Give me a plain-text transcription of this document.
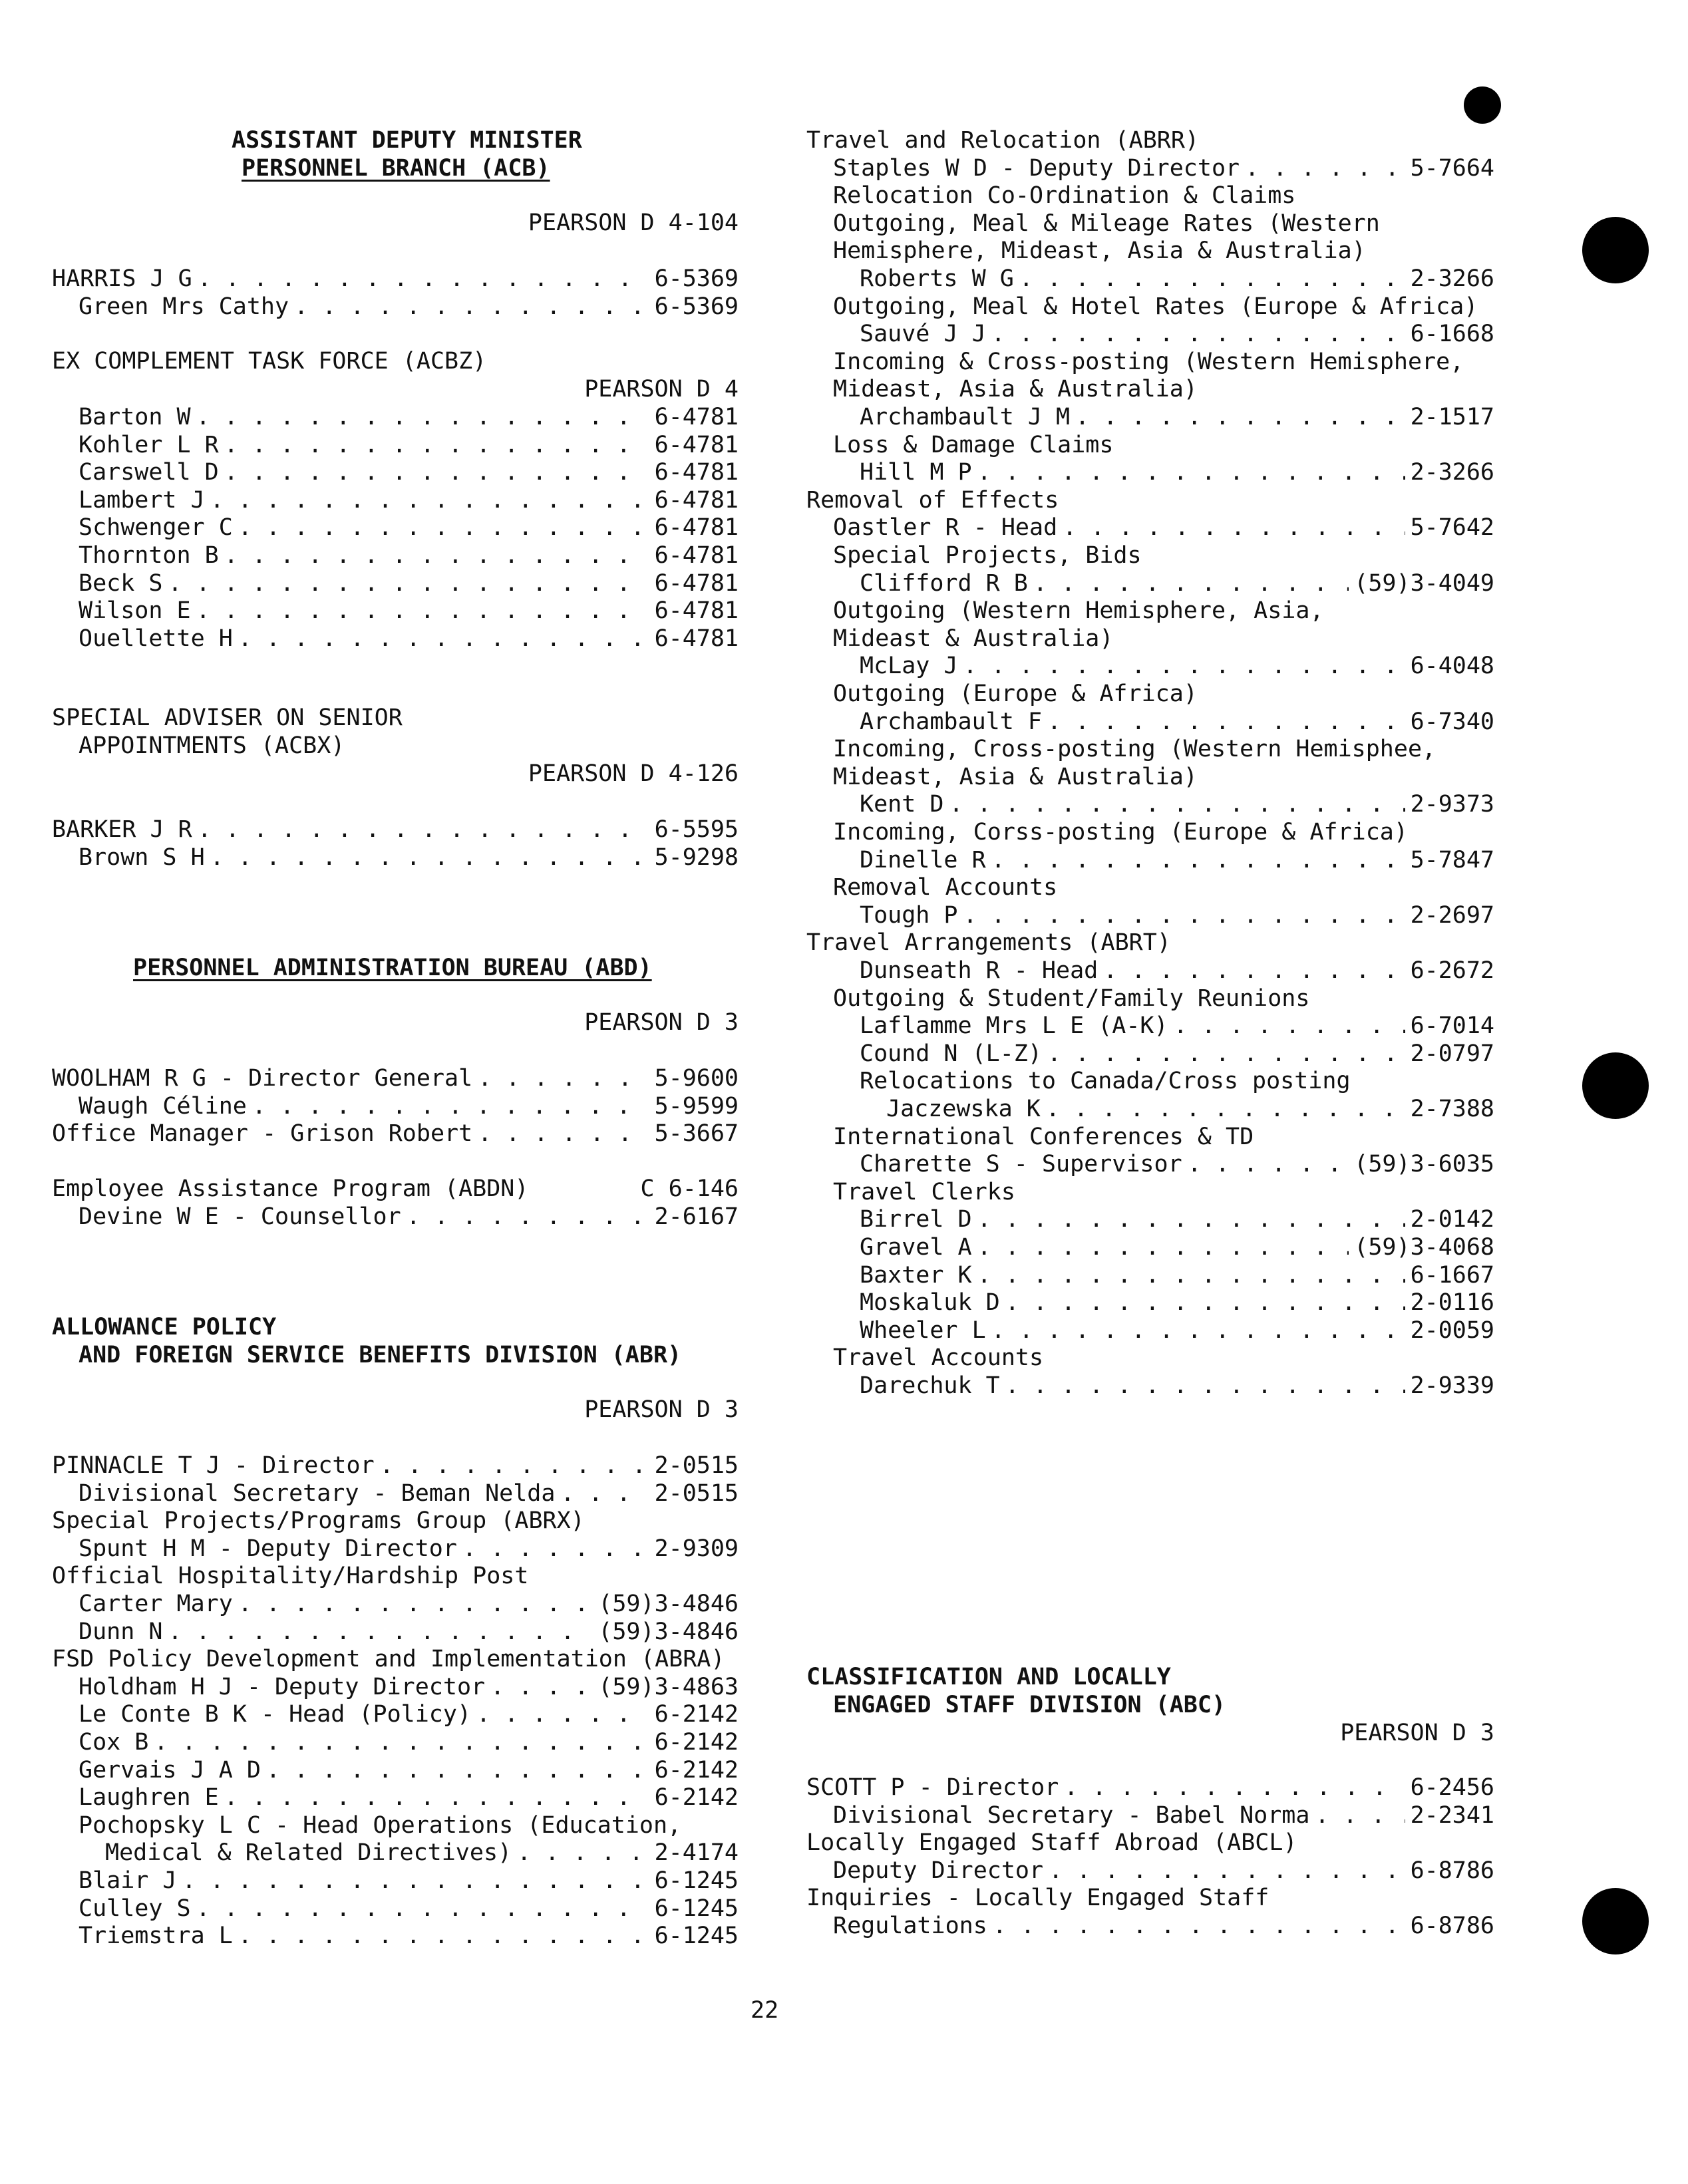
ASSISTANT DEPUTY MINISTER
PERSONNEL BRANCH (ACB)
PEARSON D 4-104
HARRIS J G . . .	6-5369
Green Mrs Cathy . . .	6-5369
EX COMPLEMENT TASK FORCE (ACBZ)
PEARSON D 4
Barton W . . .	6-4781
Kohler L R . . .	6-4781
Carswell D . . .	6-4781
Lambert J . . .	6-4781
Schwenger C . . .	6-4781
Thornton B . . .	6-4781
Beck S . . .	6-4781
Wilson E . . .	6-4781
Ouellette H . . .	6-4781
SPECIAL ADVISER ON SENIOR
APPOINTMENTS (ACBX)
PEARSON D 4-126
BARKER J R . . .	6-5595
Brown S H . . .	5-9298
PERSONNEL ADMINISTRATION BUREAU (ABD)
PEARSON D 3
WOOLHAM R G - Director General . . .	5-9600
Waugh Céline . . .	5-9599
Office Manager - Grison Robert . . .	5-3667
Employee Assistance Program (ABDN)	C 6-146
Devine W E - Counsellor . . .	2-6167
ALLOWANCE POLICY
AND FOREIGN SERVICE BENEFITS DIVISION (ABR)
PEARSON D 3
PINNACLE T J - Director . . .	2-0515
Divisional Secretary - Beman Nelda . . .	2-0515
Special Projects/Programs Group (ABRX)
Spunt H M - Deputy Director . . .	2-9309
Official Hospitality/Hardship Post
Carter Mary . . .	(59)3-4846
Dunn N . . .	(59)3-4846
FSD Policy Development and Implementation (ABRA)
Holdham H J - Deputy Director . . .	(59)3-4863
Le Conte B K - Head (Policy) . . .	6-2142
Cox B . . .	6-2142
Gervais J A D . . .	6-2142
Laughren E . . .	6-2142
Pochopsky L C - Head Operations (Education,
Medical & Related Directives) . . .	2-4174
Blair J . . .	6-1245
Culley S . . .	6-1245
Triemstra L . . .	6-1245
Travel and Relocation (ABRR)
Staples W D - Deputy Director . . .	5-7664
Relocation Co-Ordination & Claims
Outgoing, Meal & Mileage Rates (Western
Hemisphere, Mideast, Asia & Australia)
Roberts W G . . .	2-3266
Outgoing, Meal & Hotel Rates (Europe & Africa)
Sauvé J J . . .	6-1668
Incoming & Cross-posting (Western Hemisphere,
Mideast, Asia & Australia)
Archambault J M . . .	2-1517
Loss & Damage Claims
Hill M P . . .	2-3266
Removal of Effects
Oastler R - Head . . .	5-7642
Special Projects, Bids
Clifford R B . . .	(59)3-4049
Outgoing (Western Hemisphere, Asia,
Mideast & Australia)
McLay J . . .	6-4048
Outgoing (Europe & Africa)
Archambault F . . .	6-7340
Incoming, Cross-posting (Western Hemisphee,
Mideast, Asia & Australia)
Kent D . . .	2-9373
Incoming, Corss-posting (Europe & Africa)
Dinelle R . . .	5-7847
Removal Accounts
Tough P . . .	2-2697
Travel Arrangements (ABRT)
Dunseath R - Head . . .	6-2672
Outgoing & Student/Family Reunions
Laflamme Mrs L E (A-K) . . .	6-7014
Cound N (L-Z) . . .	2-0797
Relocations to Canada/Cross posting
Jaczewska K . . .	2-7388
International Conferences & TD
Charette S - Supervisor . . .	(59)3-6035
Travel Clerks
Birrel D . . .	2-0142
Gravel A . . .	(59)3-4068
Baxter K . . .	6-1667
Moskaluk D . . .	2-0116
Wheeler L . . .	2-0059
Travel Accounts
Darechuk T . . .	2-9339
CLASSIFICATION AND LOCALLY
ENGAGED STAFF DIVISION (ABC)
PEARSON D 3
SCOTT P - Director . . .	6-2456
Divisional Secretary - Babel Norma . . .	2-2341
Locally Engaged Staff Abroad (ABCL)
Deputy Director . . .	6-8786
Inquiries - Locally Engaged Staff
Regulations . . .	6-8786
22
